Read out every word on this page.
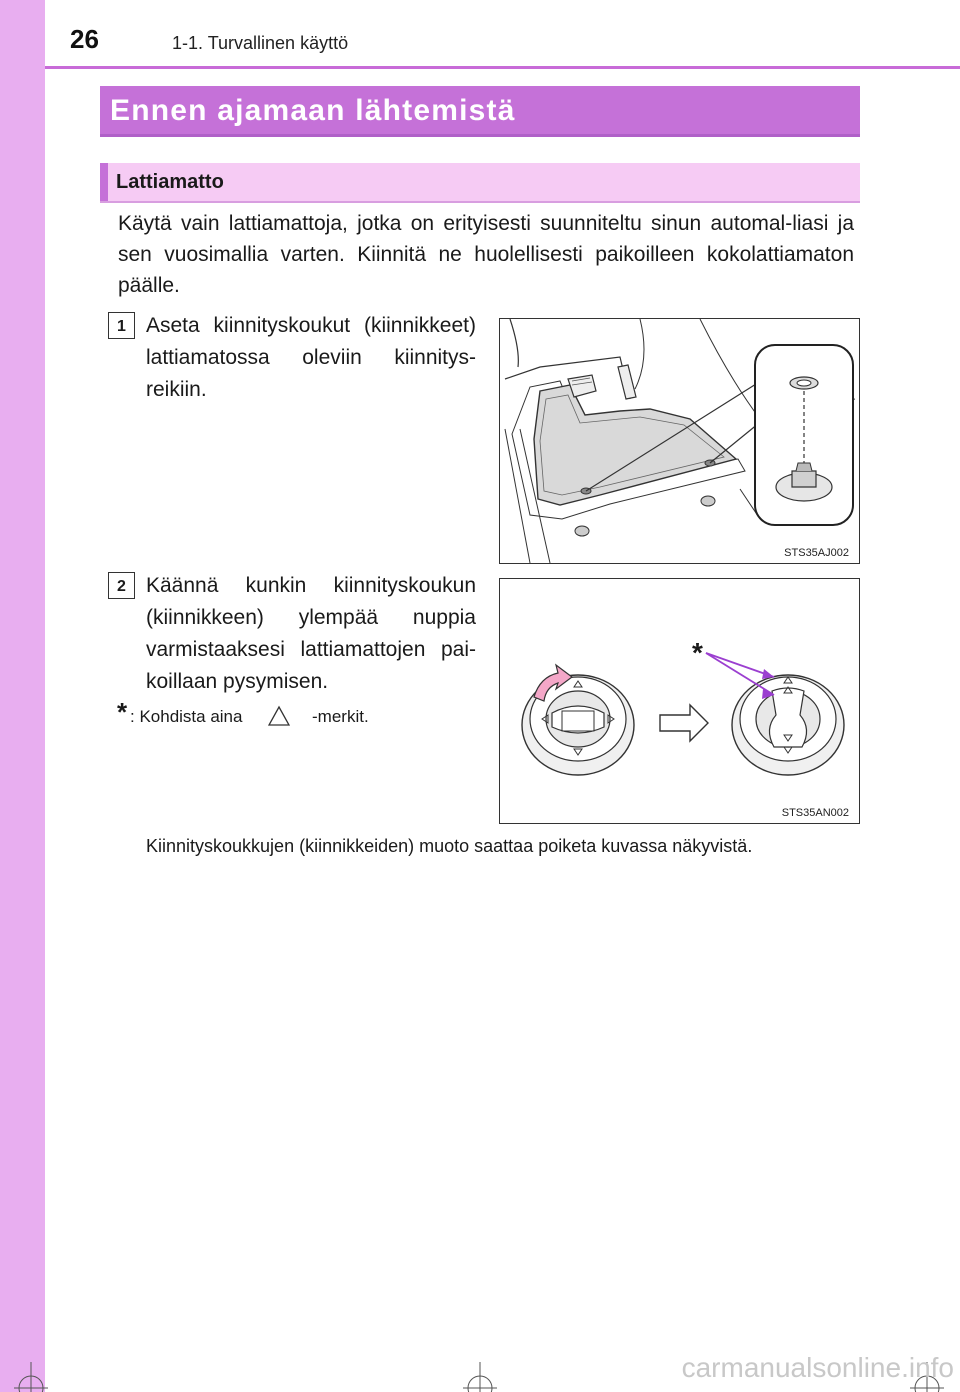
26	1-1. Turvallinen käyttö
Ennen ajamaan lähtemistä
Lattiamatto
Käytä vain lattiamattoja, jotka on erityisesti suunniteltu sinun automal-liasi ja sen vuosimallia varten. Kiinnitä ne huolellisesti paikoilleen kokolattiamaton päälle.
1 Aseta kiinnityskoukut (kiinnikkeet) lattiamatossa oleviin kiinnitys-reikiin.
STS35AJ002
2 Käännä kunkin kiinnityskoukun (kiinnikkeen) ylempää nuppia varmistaaksesi lattiamattojen pai-koillaan pysymisen.
* : Kohdista aina	-merkit.
*
STS35AN002
Kiinnityskoukkujen (kiinnikkeiden) muoto saattaa poiketa kuvassa näkyvistä.
carmanualsonline.info
